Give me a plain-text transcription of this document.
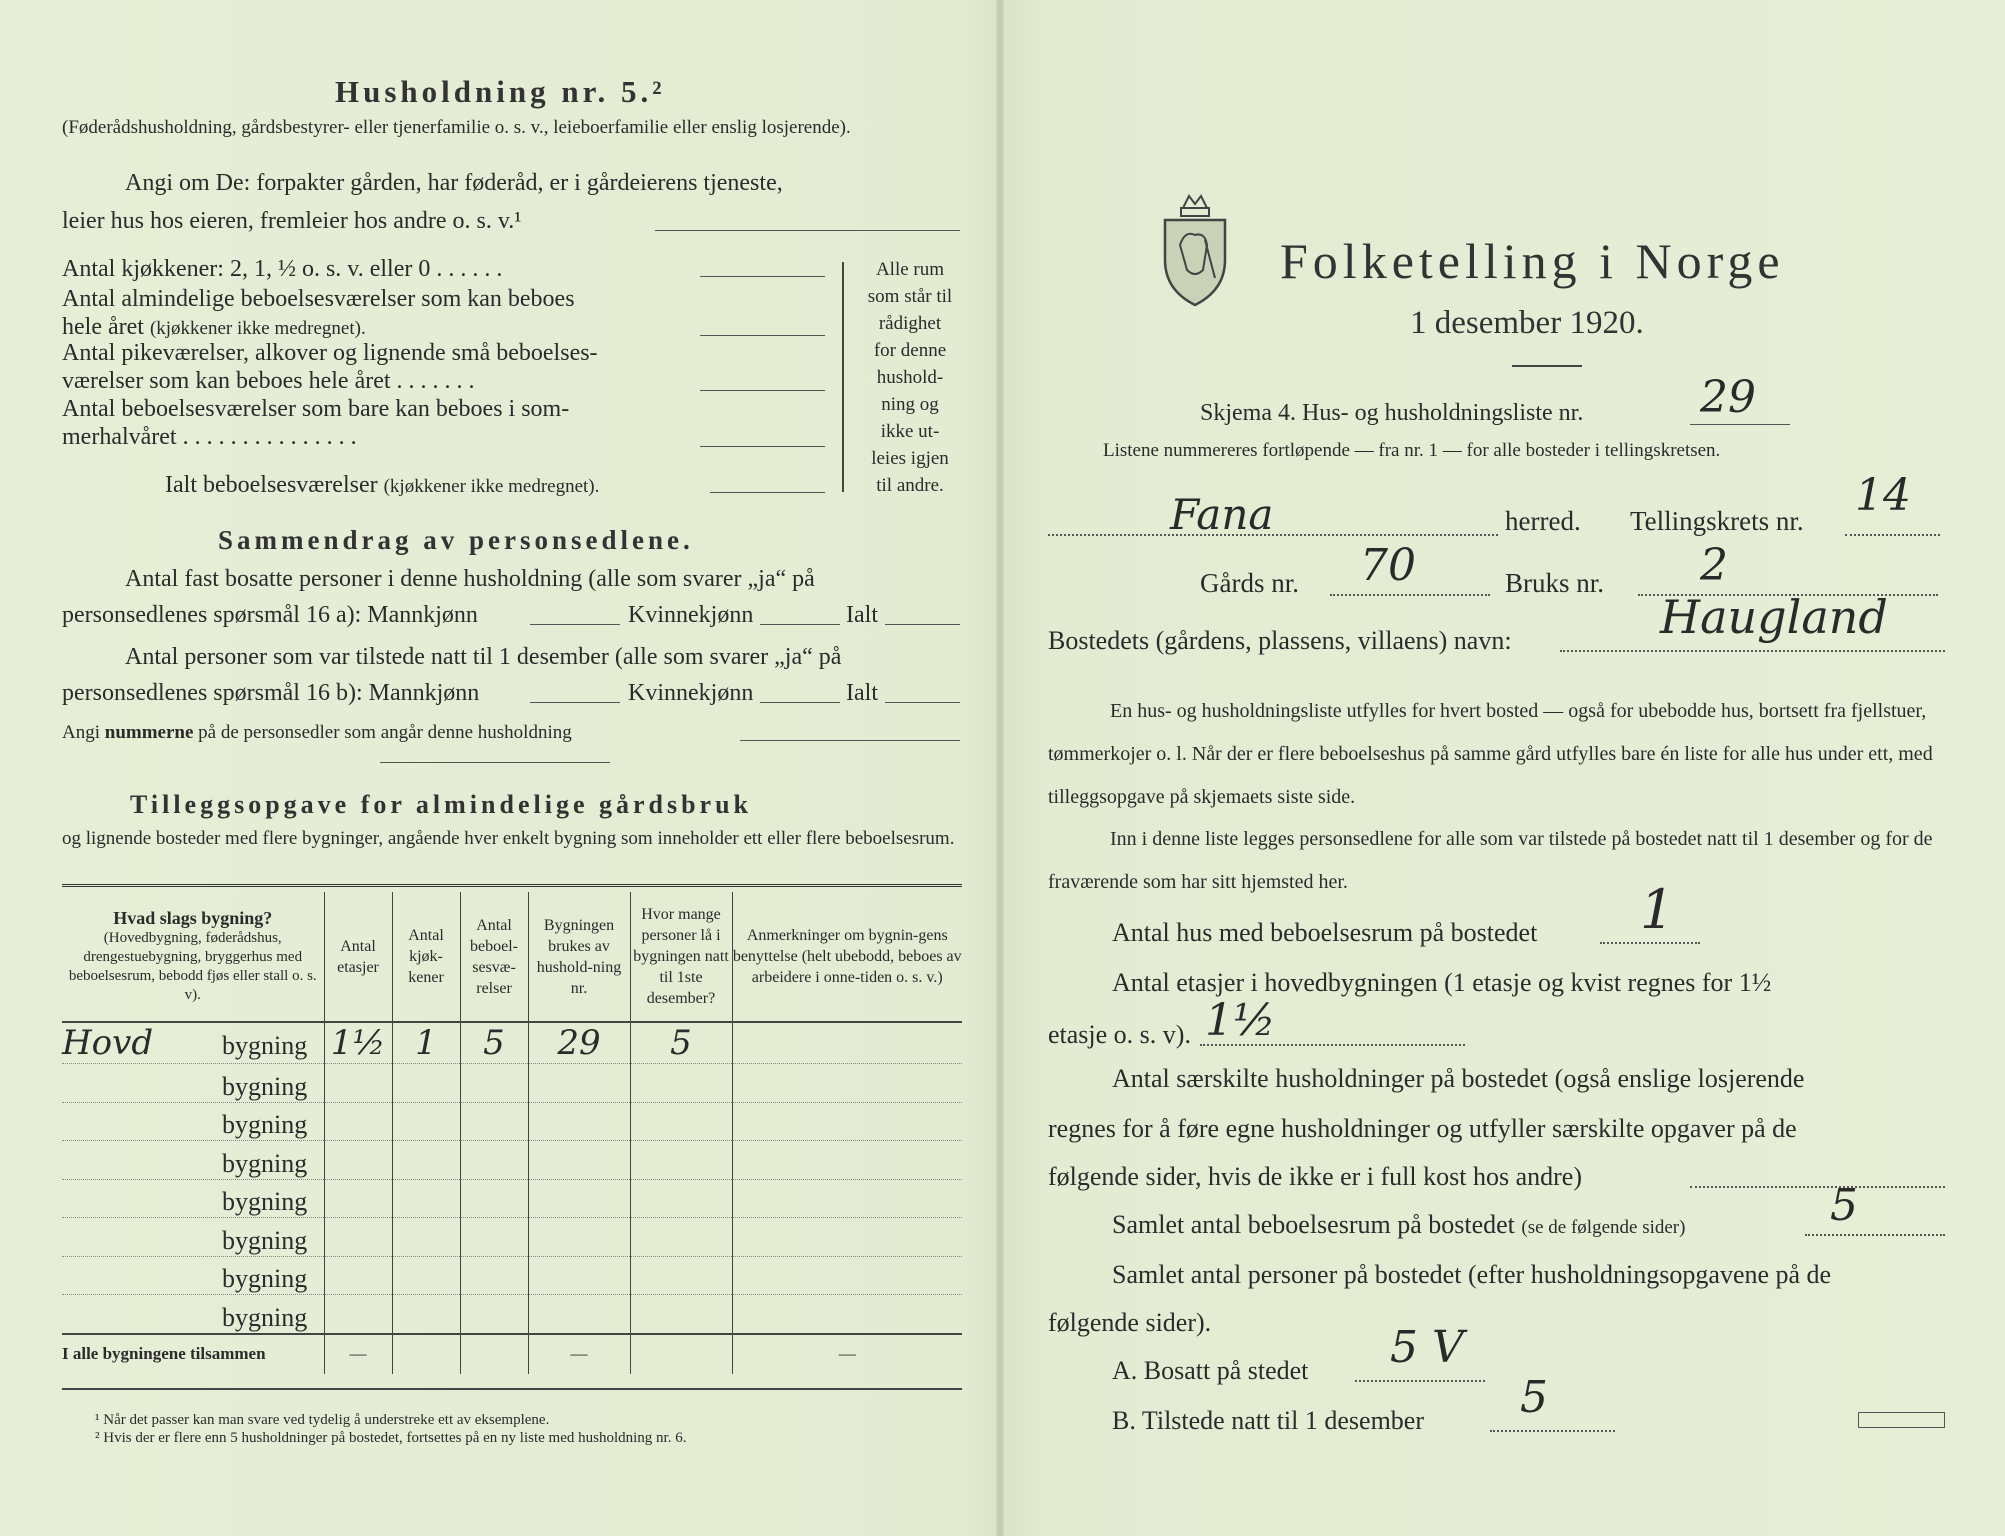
Husholdning nr. 5.²
(Føderådshusholdning, gårdsbestyrer- eller tjenerfamilie o. s. v., leieboerfamilie eller enslig losjerende).
Angi om De: forpakter gården, har føderåd, er i gårdeierens tjeneste,
leier hus hos eieren, fremleier hos andre o. s. v.¹
Antal kjøkkener: 2, 1, ½ o. s. v. eller 0 . . . . . .
Antal almindelige beboelsesværelser som kan beboes
hele året (kjøkkener ikke medregnet).
Antal pikeværelser, alkover og lignende små beboelses-
værelser som kan beboes hele året . . . . . . .
Antal beboelsesværelser som bare kan beboes i som-
merhalvåret . . . . . . . . . . . . . . .
Ialt beboelsesværelser (kjøkkener ikke medregnet).
Alle rum
som står til
rådighet
for denne
hushold-
ning og
ikke ut-
leies igjen
til andre.
Sammendrag av personsedlene.
Antal fast bosatte personer i denne husholdning (alle som svarer „ja“ på
personsedlenes spørsmål 16 a): Mannkjønn	Kvinnekjønn	Ialt
Antal personer som var tilstede natt til 1 desember (alle som svarer „ja“ på
personsedlenes spørsmål 16 b): Mannkjønn	Kvinnekjønn	Ialt
Angi nummerne på de personsedler som angår denne husholdning
Tilleggsopgave for almindelige gårdsbruk
og lignende bosteder med flere bygninger, angående hver enkelt bygning som inneholder ett eller flere beboelsesrum.
Hvad slags bygning?
(Hovedbygning, føderådshus, drengestuebygning, bryggerhus med beboelsesrum, bebodd fjøs eller stall o. s. v).	Antal etasjer	Antal kjøk-kener	Antal beboel-sesvæ-relser	Bygningen brukes av hushold-ning nr.	Hvor mange personer lå i bygningen natt til 1ste desember?	Anmerkninger om bygnin-gens benyttelse (helt ubebodd, beboes av arbeidere i onne-tiden o. s. v.)
Hovd bygning	1½	1	5	29	5	
bygning						
bygning						
bygning						
bygning						
bygning						
bygning						
bygning						
I alle bygningene tilsammen	—			—		—
¹ Når det passer kan man svare ved tydelig å understreke ett av eksemplene.
² Hvis der er flere enn 5 husholdninger på bostedet, fortsettes på en ny liste med husholdning nr. 6.
Folketelling i Norge
1 desember 1920.
Skjema 4. Hus- og husholdningsliste nr.	29
Listene nummereres fortløpende — fra nr. 1 — for alle bosteder i tellingskretsen.
Fana	herred. Tellingskrets nr. 14
Gårds nr. 70	Bruks nr. 2
Bostedets (gårdens, plassens, villaens) navn:	Haugland
En hus- og husholdningsliste utfylles for hvert bosted — også for ubebodde hus, bortsett fra fjellstuer, tømmerkojer o. l. Når der er flere beboelseshus på samme gård utfylles bare én liste for alle hus under ett, med tilleggsopgave på skjemaets siste side.
Inn i denne liste legges personsedlene for alle som var tilstede på bostedet natt til 1 desember og for de fraværende som har sitt hjemsted her.
Antal hus med beboelsesrum på bostedet 1
Antal etasjer i hovedbygningen (1 etasje og kvist regnes for 1½
etasje o. s. v). 1½
Antal særskilte husholdninger på bostedet (også enslige losjerende
regnes for å føre egne husholdninger og utfyller særskilte opgaver på de
følgende sider, hvis de ikke er i full kost hos andre)
Samlet antal beboelsesrum på bostedet (se de følgende sider)	5
Samlet antal personer på bostedet (efter husholdningsopgavene på de
følgende sider).
A. Bosatt på stedet 5 V
B. Tilstede natt til 1 desember 5
